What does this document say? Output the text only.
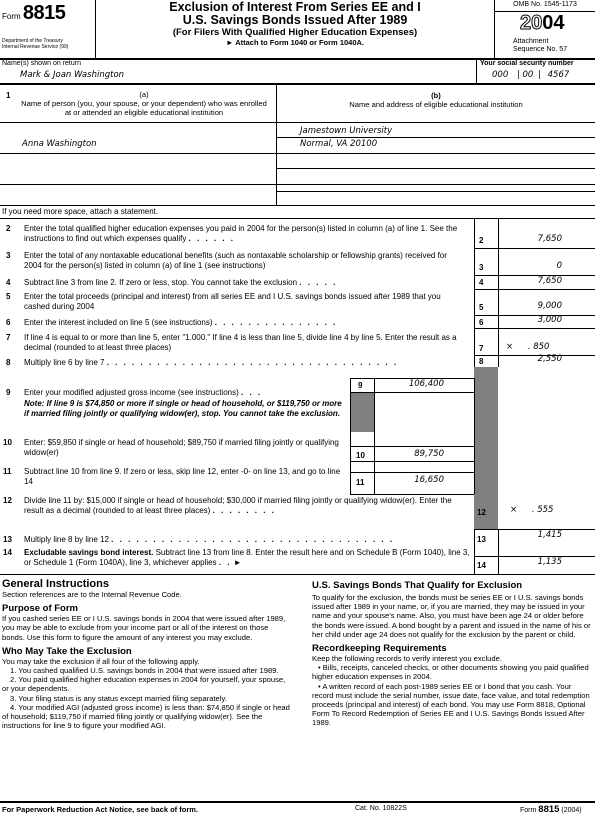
Form 8815
Department of the Treasury
Internal Revenue Service (99)
Exclusion of Interest From Series EE and I
U.S. Savings Bonds Issued After 1989
(For Filers With Qualified Higher Education Expenses)
► Attach to Form 1040 or Form 1040A.
OMB No. 1545-1173
2004
Attachment
Sequence No. 57
Name(s) shown on return
Mark & Joan Washington
Your social security number
000 | 00 | 4567
1	(a)
Name of person (you, your spouse, or your dependent) who was enrolled at or attended an eligible educational institution
(b)
Name and address of eligible educational institution
Anna Washington
Jamestown University
Normal, VA 20100
If you need more space, attach a statement.
2 Enter the total qualified higher education expenses you paid in 2004 for the person(s) listed in column (a) of line 1. See the instructions to find out which expenses qualify . . . . . .	2	7,650
3 Enter the total of any nontaxable educational benefits (such as nontaxable scholarship or fellowship grants) received for 2004 for the person(s) listed in column (a) of line 1 (see instructions)	3	0
4 Subtract line 3 from line 2. If zero or less, stop. You cannot take the exclusion . . . . .	4	7,650
5 Enter the total proceeds (principal and interest) from all series EE and I U.S. savings bonds issued after 1989 that you cashed during 2004	5	9,000
6 Enter the interest included on line 5 (see instructions) . . . . . . . . . . . . . . .	6	3,000
7 If line 4 is equal to or more than line 5, enter "1.000." If line 4 is less than line 5, divide line 4 by line 5. Enter the result as a decimal (rounded to at least three places)	7	× . 850
8 Multiply line 6 by line 7 . . . . . . . . . . . . . . . . . . . . . . . . . . . . . . . . . . .	8	2,550
9 Enter your modified adjusted gross income (see instructions) . . .
Note: If line 9 is $74,850 or more if single or head of household, or $119,750 or more if married filing jointly or qualifying widow(er), stop. You cannot take the exclusion.
9	106,400
10 Enter: $59,850 if single or head of household; $89,750 if married filing jointly or qualifying widow(er)	10	89,750
11 Subtract line 10 from line 9. If zero or less, skip line 12, enter -0- on line 13, and go to line 14	11	16,650
12 Divide line 11 by: $15,000 if single or head of household; $30,000 if married filing jointly or qualifying widow(er). Enter the result as a decimal (rounded to at least three places) . . . . . . . .	12	× . 555
13 Multiply line 8 by line 12 . . . . . . . . . . . . . . . . . . . . . . . . . . . . . . . . . .	13	1,415
14 Excludable savings bond interest. Subtract line 13 from line 8. Enter the result here and on Schedule B (Form 1040), line 3, or Schedule 1 (Form 1040A), line 3, whichever applies . . ►	14	1,135
General Instructions
Section references are to the Internal Revenue Code.
Purpose of Form
If you cashed series EE or I U.S. savings bonds in 2004 that were issued after 1989, you may be able to exclude from your income part or all of the interest on those bonds. Use this form to figure the amount of any interest you may exclude.
Who May Take the Exclusion
You may take the exclusion if all four of the following apply.
1. You cashed qualified U.S. savings bonds in 2004 that were issued after 1989.
2. You paid qualified higher education expenses in 2004 for yourself, your spouse, or your dependents.
3. Your filing status is any status except married filing separately.
4. Your modified AGI (adjusted gross income) is less than: $74,850 if single or head of household; $119,750 if married filing jointly or qualifying widow(er). See the instructions for line 9 to figure your modified AGI.
U.S. Savings Bonds That Qualify for Exclusion
To qualify for the exclusion, the bonds must be series EE or I U.S. savings bonds issued after 1989 in your name, or, if you are married, they may be issued in your name and your spouse's name. Also, you must have been age 24 or older before the bonds were issued. A bond bought by a parent and issued in the name of his or her child under age 24 does not qualify for the exclusion by the parent or child.
Recordkeeping Requirements
Keep the following records to verify interest you exclude.
• Bills, receipts, canceled checks, or other documents showing you paid qualified higher education expenses in 2004.
• A written record of each post-1989 series EE or I bond that you cash. Your record must include the serial number, issue date, face value, and total redemption proceeds (principal and interest) of each bond. You may use Form 8818, Optional Form To Record Redemption of Series EE and I U.S. Savings Bonds Issued After 1989.
For Paperwork Reduction Act Notice, see back of form.	Cat. No. 10822S	Form 8815 (2004)
